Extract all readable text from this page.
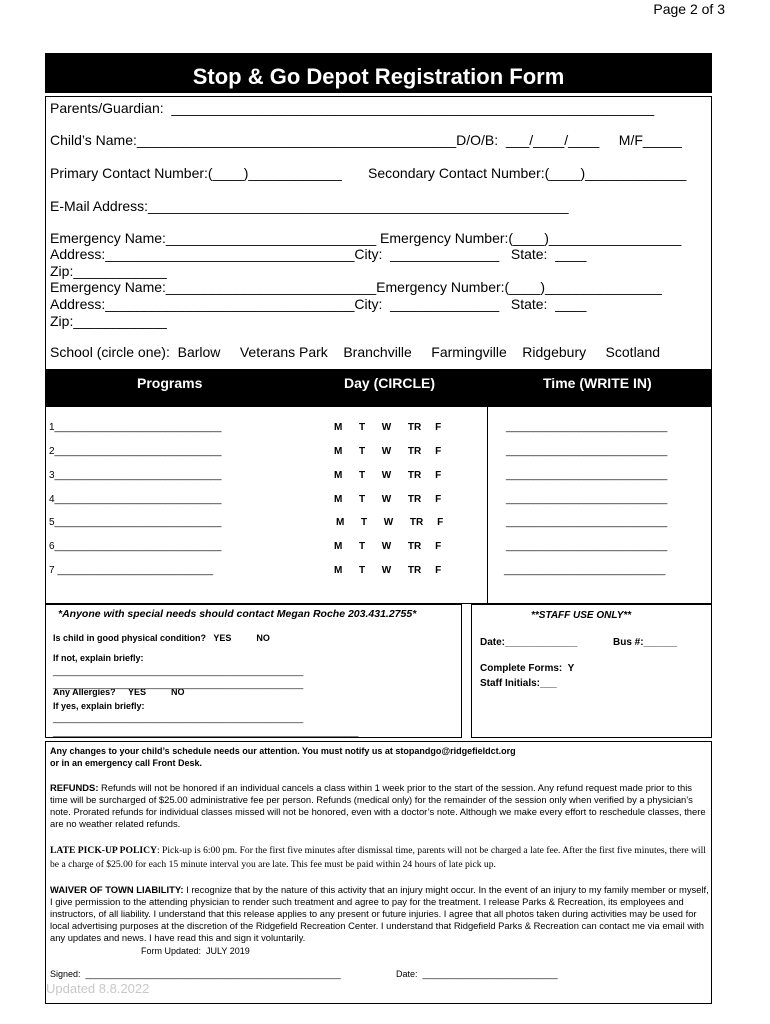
Page 2 of 3
Stop & Go Depot Registration Form
Parents/Guardian:  ______________________________________________________________
Child’s Name:_________________________________________D/O/B:  ___/____/____     M/F_____
Primary Contact Number:(____)____________ Secondary Contact Number:(____)_____________
E-Mail Address:______________________________________________________
Emergency Name:___________________________ Emergency Number:(____)_________________
Address:________________________________City:  ______________   State:  ____
Zip:____________
Emergency Name:___________________________Emergency Number:(____)_______________
Address:________________________________City:  ______________   State:  ____
Zip:____________
School (circle one):  Barlow     Veterans Park    Branchville     Farmingville    Ridgebury     Scotland
Programs	Day (CIRCLE)	Time (WRITE IN)
1______________________________	M      T      W      TR     F	_____________________________
2______________________________	M      T      W      TR     F	_____________________________
3______________________________	M      T      W      TR     F	_____________________________
4______________________________	M      T      W      TR     F	_____________________________
5______________________________	M      T      W      TR     F	_____________________________
6______________________________	M      T      W      TR     F	_____________________________
7 ____________________________	M      T      W      TR     F	_____________________________
*Anyone with special needs should contact Megan Roche 203.431.2755*
Is child in good physical condition?   YES          NO
If not, explain briefly:
__________________________________________________
__________________________________________________
Any Allergies?     YES          NO
If yes, explain briefly:
__________________________________________________
_____________________________________________________________
**STAFF USE ONLY**
Date:_____________	Bus #:______
Complete Forms:  Y
Staff Initials:___
Any changes to your child’s schedule needs our attention. You must notify us at stopandgo@ridgefieldct.org
or in an emergency call Front Desk.
REFUNDS: Refunds will not be honored if an individual cancels a class within 1 week prior to the start of the session. Any refund request made prior to this time will be surcharged of $25.00 administrative fee per person. Refunds (medical only) for the remainder of the session only when verified by a physician’s note. Prorated refunds for individual classes missed will not be honored, even with a doctor’s note. Although we make every effort to reschedule classes, there are no weather related refunds.
LATE PICK-UP POLICY: Pick-up is 6:00 pm. For the first five minutes after dismissal time, parents will not be charged a late fee. After the first five minutes, there will be a charge of $25.00 for each 15 minute interval you are late. This fee must be paid within 24 hours of late pick up.
WAIVER OF TOWN LIABILITY: I recognize that by the nature of this activity that an injury might occur. In the event of an injury to my family member or myself, I give permission to the attending physician to render such treatment and agree to pay for the treatment. I release Parks & Recreation, its employees and instructors, of all liability. I understand that this release applies to any present or future injuries. I agree that all photos taken during activities may be used for local advertising purposes at the discretion of the Ridgefield Recreation Center. I understand that Ridgefield Parks & Recreation can contact me via email with any updates and news. I have read this and sign it voluntarily.
Form Updated:  JULY 2019
Signed:  ___________________________________________________	Date:  ___________________________
Updated 8.8.2022
